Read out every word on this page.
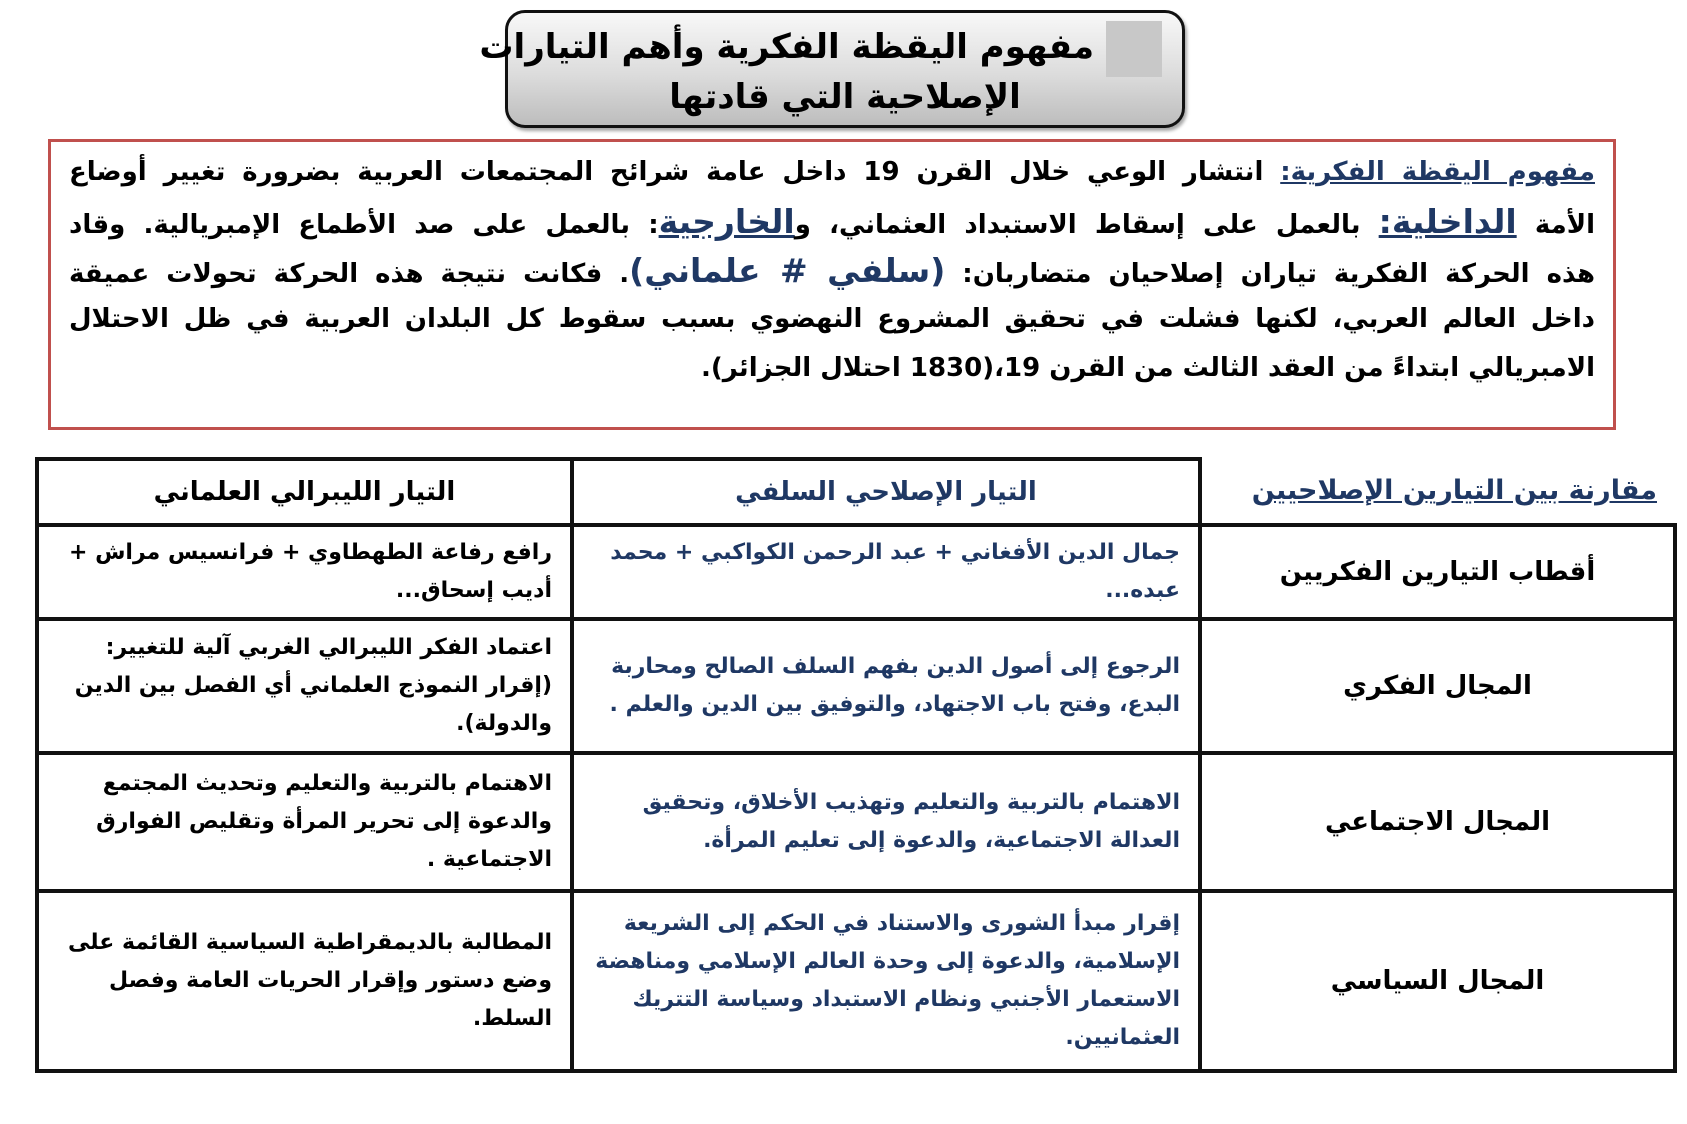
مفهوم اليقظة الفكرية وأهم التيارات
الإصلاحية التي قادتها
مفهوم اليقظة الفكرية: انتشار الوعي خلال القرن 19 داخل عامة شرائح المجتمعات العربية بضرورة تغيير أوضاع
الأمة الداخلية: بالعمل على إسقاط الاستبداد العثماني، والخارجية: بالعمل على صد الأطماع الإمبريالية. وقاد
هذه الحركة الفكرية تياران إصلاحيان متضاربان: (سلفي # علماني). فكانت نتيجة هذه الحركة تحولات عميقة
داخل العالم العربي، لكنها فشلت في تحقيق المشروع النهضوي بسبب سقوط كل البلدان العربية في ظل الاحتلال
الامبريالي ابتداءً من العقد الثالث من القرن 19،(1830 احتلال الجزائر).
مقارنة بين التيارين الإصلاحيين	التيار الإصلاحي السلفي	التيار الليبرالي العلماني
أقطاب التيارين الفكريين	جمال الدين الأفغاني + عبد الرحمن الكواكبي + محمد عبده...	رافع رفاعة الطهطاوي + فرانسيس مراش + أديب إسحاق...
المجال الفكري	الرجوع إلى أصول الدين بفهم السلف الصالح ومحاربة البدع، وفتح باب الاجتهاد، والتوفيق بين الدين والعلم .	اعتماد الفكر الليبرالي الغربي آلية للتغيير: (إقرار النموذج العلماني أي الفصل بين الدين والدولة).
المجال الاجتماعي	الاهتمام بالتربية والتعليم وتهذيب الأخلاق، وتحقيق العدالة الاجتماعية، والدعوة إلى تعليم المرأة.	الاهتمام بالتربية والتعليم وتحديث المجتمع والدعوة إلى تحرير المرأة وتقليص الفوارق الاجتماعية .
المجال السياسي	إقرار مبدأ الشورى والاستناد في الحكم إلى الشريعة الإسلامية، والدعوة إلى وحدة العالم الإسلامي ومناهضة الاستعمار الأجنبي ونظام الاستبداد وسياسة التتريك العثمانيين.	المطالبة بالديمقراطية السياسية القائمة على وضع دستور وإقرار الحريات العامة وفصل السلط.
